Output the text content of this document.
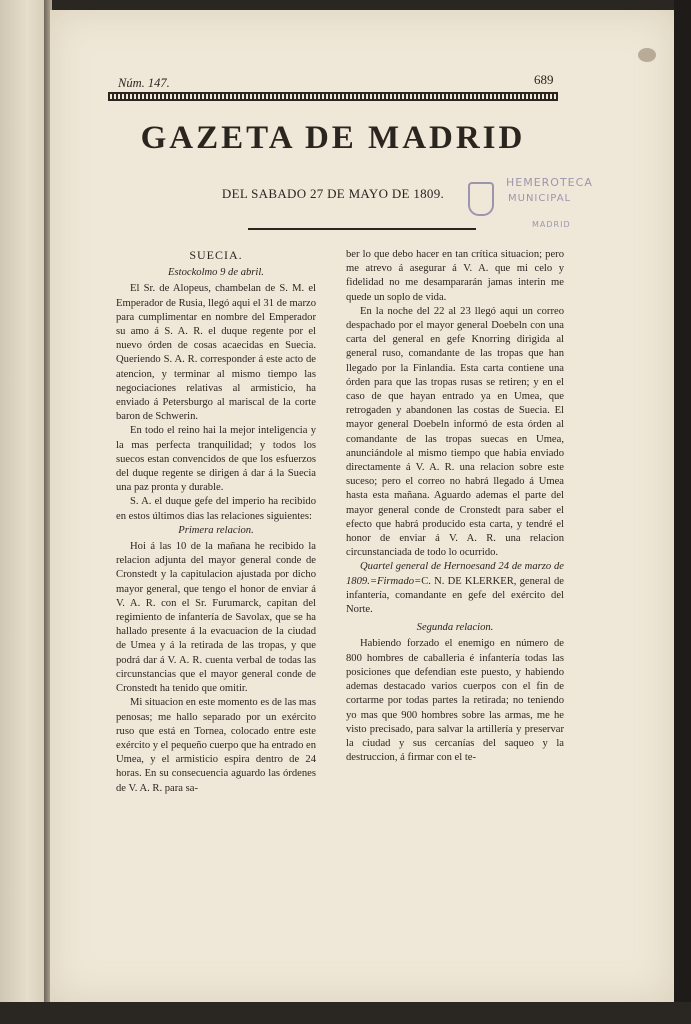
Núm. 147.	689
GAZETA DE MADRID
DEL SABADO 27 DE MAYO DE 1809.
HEMEROTECA
MUNICIPAL
MADRID

SUECIA.

Estockolmo 9 de abril.

El Sr. de Alopeus, chambelan de S. M. el Emperador de Rusia, llegó aqui el 31 de marzo para cumplimentar en nombre del Emperador su amo á S. A. R. el duque regente por el nuevo órden de cosas acaecidas en Suecia. Queriendo S. A. R. corresponder á este acto de atencion, y terminar al mismo tiempo las negociaciones relativas al armisticio, ha enviado á Petersburgo al mariscal de la corte baron de Schwerin.

En todo el reino hai la mejor inteligencia y la mas perfecta tranquilidad; y todos los suecos estan convencidos de que los esfuerzos del duque regente se dirigen á dar á la Suecia una paz pronta y durable.

S. A. el duque gefe del imperio ha recibido en estos últimos dias las relaciones siguientes:

Primera relacion.

Hoi á las 10 de la mañana he recibido la relacion adjunta del mayor general conde de Cronstedt y la capitulacion ajustada por dicho mayor general, que tengo el honor de enviar á V. A. R. con el Sr. Furumarck, capitan del regimiento de infantería de Savolax, que se ha hallado presente á la evacuacion de la ciudad de Umea y á la retirada de las tropas, y que podrá dar á V. A. R. cuenta verbal de todas las circunstancias que el mayor general conde de Cronstedt ha tenido que omitir.

Mi situacion en este momento es de las mas penosas; me hallo separado por un exército ruso que está en Tornea, colocado entre este exército y el pequeño cuerpo que ha entrado en Umea, y el armisticio espira dentro de 24 horas. En su consecuencia aguardo las órdenes de V. A. R. para sa-

ber lo que debo hacer en tan crítica situacion; pero me atrevo á asegurar á V. A. que mi celo y fidelidad no me desampararán jamas interin me quede un soplo de vida.

En la noche del 22 al 23 llegó aqui un correo despachado por el mayor general Doebeln con una carta del general en gefe Knorring dirigida al general ruso, comandante de las tropas que han llegado por la Finlandia. Esta carta contiene una órden para que las tropas rusas se retiren; y en el caso de que hayan entrado ya en Umea, que retrogaden y abandonen las costas de Suecia. El mayor general Doebeln informó de esta órden al comandante de las tropas suecas en Umea, anunciándole al mismo tiempo que habia enviado directamente á V. A. R. una relacion sobre este suceso; pero el correo no habrá llegado á Umea hasta esta mañana. Aguardo ademas el parte del mayor general conde de Cronstedt para saber el efecto que habrá producido esta carta, y tendré el honor de enviar á V. A. R. una relacion circunstanciada de todo lo ocurrido.

Quartel general de Hernoesand 24 de marzo de 1809.=Firmado=C. N. DE KLERKER, general de infantería, comandante en gefe del exército del Norte.

Segunda relacion.

Habiendo forzado el enemigo en número de 800 hombres de caballeria é infantería todas las posiciones que defendian este puesto, y habiendo ademas destacado varios cuerpos con el fin de cortarme por todas partes la retirada; no teniendo yo mas que 900 hombres sobre las armas, me he visto precisado, para salvar la artillería y preservar la ciudad y sus cercanías del saqueo y la destruccion, á firmar con el te-
